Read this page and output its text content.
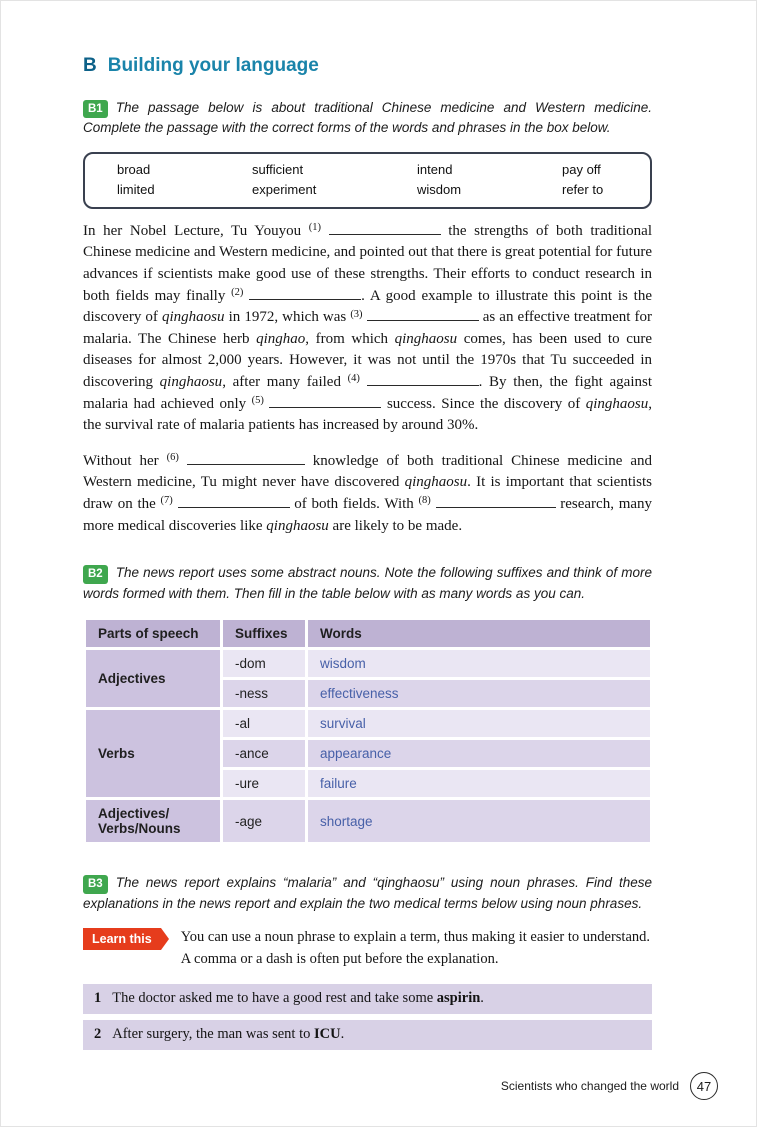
B Building your language

B1 The passage below is about traditional Chinese medicine and Western medicine. Complete the passage with the correct forms of the words and phrases in the box below.

broad	sufficient	intend	pay off
limited	experiment	wisdom	refer to

In her Nobel Lecture, Tu Youyou $^{(1)}$	the strengths of both traditional Chinese medicine and Western medicine, and pointed out that there is great potential for future advances if scientists make good use of these strengths. Their efforts to conduct research in both fields may finally $^{(2)}$	. A good example to illustrate this point is the discovery of qinghaosu in 1972, which was $^{(3)}$	as an effective treatment for malaria. The Chinese herb qinghao, from which qinghaosu comes, has been used to cure diseases for almost 2,000 years. However, it was not until the 1970s that Tu succeeded in discovering qinghaosu, after many failed $^{(4)}$	. By then, the fight against malaria had achieved only $^{(5)}$	success. Since the discovery of qinghaosu, the survival rate of malaria patients has increased by around 30%.

Without her $^{(6)}$	knowledge of both traditional Chinese medicine and Western medicine, Tu might never have discovered qinghaosu. It is important that scientists draw on the $^{(7)}$	of both fields. With $^{(8)}$	research, many more medical discoveries like qinghaosu are likely to be made.

B2 The news report uses some abstract nouns. Note the following suffixes and think of more words formed with them. Then fill in the table below with as many words as you can.

Parts of speech	Suffixes	Words
Adjectives	-dom	wisdom
	-ness	effectiveness
Verbs	-al	survival
	-ance	appearance
	-ure	failure
Adjectives/ Verbs/Nouns	-age	shortage

B3 The news report explains “malaria” and “qinghaosu” using noun phrases. Find these explanations in the news report and explain the two medical terms below using noun phrases.

Learn this	You can use a noun phrase to explain a term, thus making it easier to understand. A comma or a dash is often put before the explanation.

1 The doctor asked me to have a good rest and take some aspirin.
2 After surgery, the man was sent to ICU.
Scientists who changed the world	47
